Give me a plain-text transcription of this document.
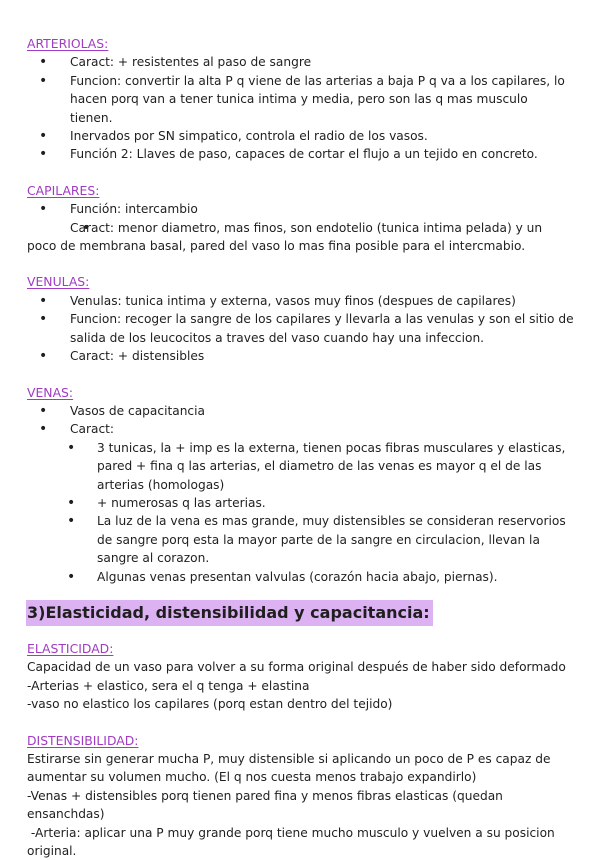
ARTERIOLAS:
• Caract: + resistentes al paso de sangre
• Funcion: convertir la alta P q viene de las arterias a baja P q va a los capilares, lo hacen porq van a tener tunica intima y media, pero son las q mas musculo tienen.
• Inervados por SN simpatico, controla el radio de los vasos.
• Función 2: Llaves de paso, capaces de cortar el flujo a un tejido en concreto.
CAPILARES:
• Función: intercambio
• Caract: menor diametro, mas finos, son endotelio (tunica intima pelada) y un poco de membrana basal, pared del vaso lo mas fina posible para el intercmabio.
VENULAS:
• Venulas: tunica intima y externa, vasos muy finos (despues de capilares)
• Funcion: recoger la sangre de los capilares y llevarla a las venulas y son el sitio de salida de los leucocitos a traves del vaso cuando hay una infeccion.
• Caract: + distensibles
VENAS:
• Vasos de capacitancia
• Caract:
• 3 tunicas, la + imp es la externa, tienen pocas fibras musculares y elasticas, pared + fina q las arterias, el diametro de las venas es mayor q el de las arterias (homologas)
• + numerosas q las arterias.
• La luz de la vena es mas grande, muy distensibles se consideran reservorios de sangre porq esta la mayor parte de la sangre en circulacion, llevan la sangre al corazon.
• Algunas venas presentan valvulas (corazón hacia abajo, piernas).
3)Elasticidad, distensibilidad y capacitancia:
ELASTICIDAD:

Capacidad de un vaso para volver a su forma original después de haber sido deformado

-Arterias + elastico, sera el q tenga + elastina

-vaso no elastico los capilares (porq estan dentro del tejido)

DISTENSIBILIDAD:

Estirarse sin generar mucha P, muy distensible si aplicando un poco de P es capaz de aumentar su volumen mucho. (El q nos cuesta menos trabajo expandirlo)

-Venas + distensibles porq tienen pared fina y menos fibras elasticas (quedan ensanchdas)

-Arteria: aplicar una P muy grande porq tiene mucho musculo y vuelven a su posicion original.
